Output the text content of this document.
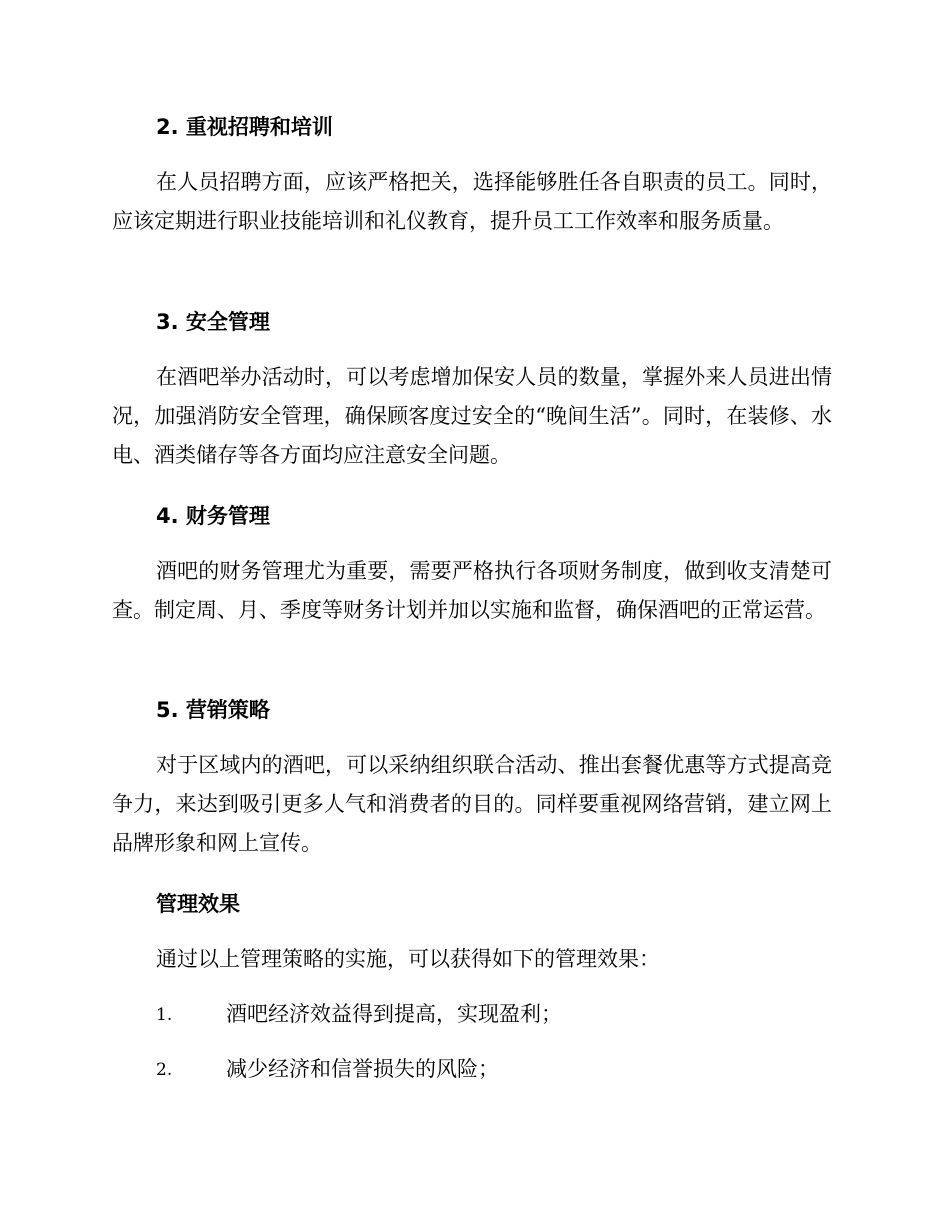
2. 重视招聘和培训

在人员招聘方面，应该严格把关，选择能够胜任各自职责的员工。同时，应该定期进行职业技能培训和礼仪教育，提升员工工作效率和服务质量。

3. 安全管理

在酒吧举办活动时，可以考虑增加保安人员的数量，掌握外来人员进出情况，加强消防安全管理，确保顾客度过安全的“晚间生活”。同时，在装修、水电、酒类储存等各方面均应注意安全问题。

4. 财务管理

酒吧的财务管理尤为重要，需要严格执行各项财务制度，做到收支清楚可查。制定周、月、季度等财务计划并加以实施和监督，确保酒吧的正常运营。

5. 营销策略

对于区域内的酒吧，可以采纳组织联合活动、推出套餐优惠等方式提高竞争力，来达到吸引更多人气和消费者的目的。同样要重视网络营销，建立网上品牌形象和网上宣传。

管理效果
通过以上管理策略的实施，可以获得如下的管理效果：
1.	酒吧经济效益得到提高，实现盈利；
2.	减少经济和信誉损失的风险；
